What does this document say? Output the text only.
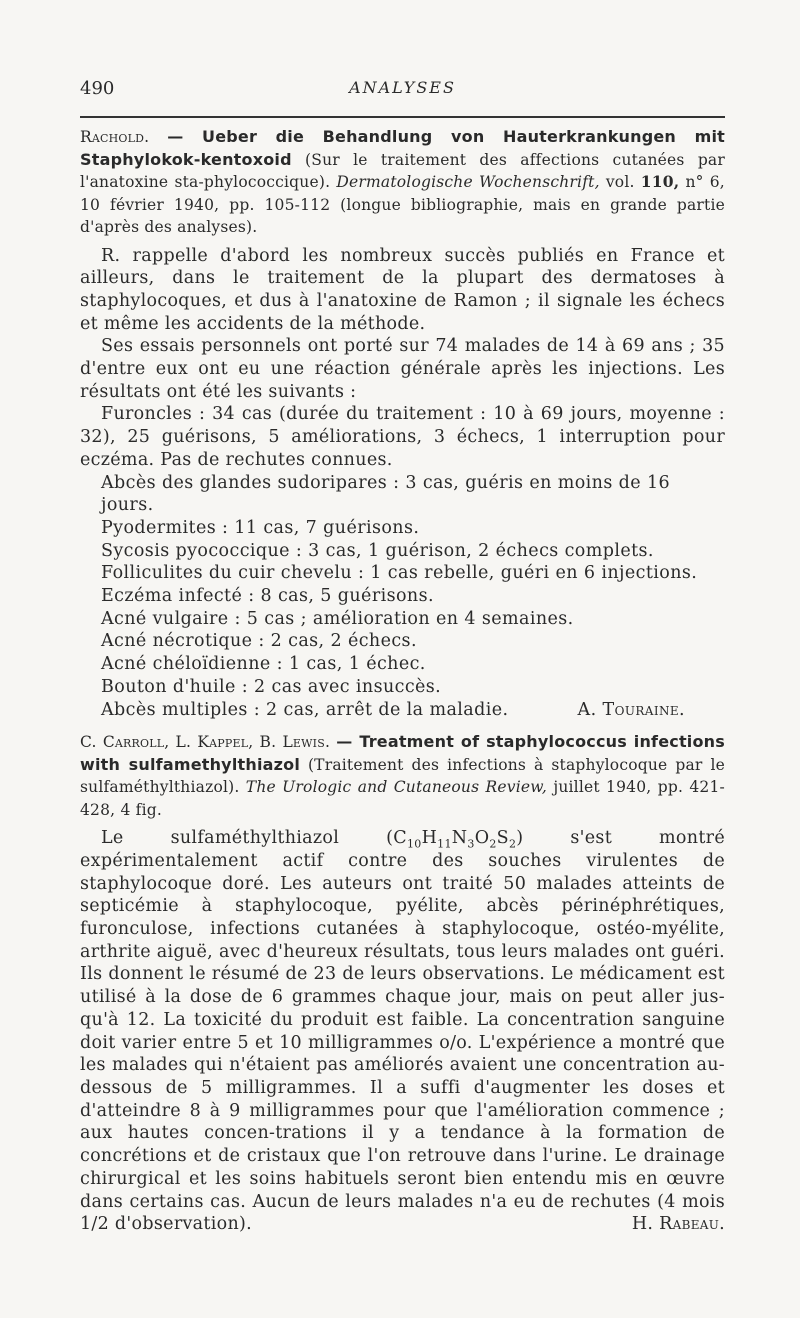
490	ANALYSES

Rachold. — Ueber die Behandlung von Hauterkrankungen mit Staphylokok-kentoxoid (Sur le traitement des affections cutanées par l'anatoxine sta-phylococcique). Dermatologische Wochenschrift, vol. 110, n° 6, 10 février 1940, pp. 105-112 (longue bibliographie, mais en grande partie d'après des analyses).

R. rappelle d'abord les nombreux succès publiés en France et ailleurs, dans le traitement de la plupart des dermatoses à staphylocoques, et dus à l'anatoxine de Ramon ; il signale les échecs et même les accidents de la méthode.

Ses essais personnels ont porté sur 74 malades de 14 à 69 ans ; 35 d'entre eux ont eu une réaction générale après les injections. Les résultats ont été les suivants :

Furoncles : 34 cas (durée du traitement : 10 à 69 jours, moyenne : 32), 25 guérisons, 5 améliorations, 3 échecs, 1 interruption pour eczéma. Pas de rechutes connues.

Abcès des glandes sudoripares : 3 cas, guéris en moins de 16 jours.

Pyodermites : 11 cas, 7 guérisons.

Sycosis pyococcique : 3 cas, 1 guérison, 2 échecs complets.

Folliculites du cuir chevelu : 1 cas rebelle, guéri en 6 injections.

Eczéma infecté : 8 cas, 5 guérisons.

Acné vulgaire : 5 cas ; amélioration en 4 semaines.

Acné nécrotique : 2 cas, 2 échecs.

Acné chéloïdienne : 1 cas, 1 échec.

Bouton d'huile : 2 cas avec insuccès.

Abcès multiples : 2 cas, arrêt de la maladie.	A. Touraine.

C. Carroll, L. Kappel, B. Lewis. — Treatment of staphylococcus infections with sulfamethylthiazol (Traitement des infections à staphylocoque par le sulfaméthylthiazol). The Urologic and Cutaneous Review, juillet 1940, pp. 421-428, 4 fig.

Le sulfaméthylthiazol $(C_{10}H_{11}N_3O_2S_2)$ s'est montré expérimentalement actif contre des souches virulentes de staphylocoque doré. Les auteurs ont traité 50 malades atteints de septicémie à staphylocoque, pyélite, abcès périnéphrétiques, furonculose, infections cutanées à staphylocoque, ostéo-myélite, arthrite aiguë, avec d'heureux résultats, tous leurs malades ont guéri. Ils donnent le résumé de 23 de leurs observations. Le médicament est utilisé à la dose de 6 grammes chaque jour, mais on peut aller jus-qu'à 12. La toxicité du produit est faible. La concentration sanguine doit varier entre 5 et 10 milligrammes o/o. L'expérience a montré que les malades qui n'étaient pas améliorés avaient une concentration au-dessous de 5 milligrammes. Il a suffi d'augmenter les doses et d'atteindre 8 à 9 milligrammes pour que l'amélioration commence ; aux hautes concen-trations il y a tendance à la formation de concrétions et de cristaux que l'on retrouve dans l'urine. Le drainage chirurgical et les soins habituels seront bien entendu mis en œuvre dans certains cas. Aucun de leurs malades n'a eu de rechutes (4 mois 1/2 d'observation).	H. Rabeau.
